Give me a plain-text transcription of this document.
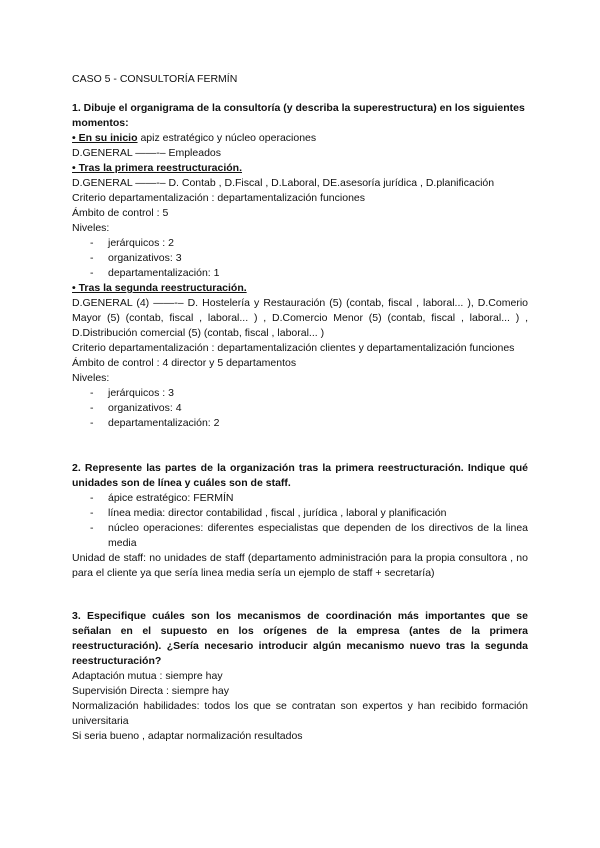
CASO 5 - CONSULTORÍA FERMÍN

1. Dibuje el organigrama de la consultoría (y describa la superestructura) en los siguientes
momentos:

• En su inicio apiz estratégico y núcleo operaciones

D.GENERAL ——-– Empleados

• Tras la primera reestructuración.

D.GENERAL ——-– D. Contab , D.Fiscal , D.Laboral, DE.asesoría jurídica , D.planificación

Criterio departamentalización : departamentalización funciones

Ámbito de control : 5

Niveles:

- jerárquicos : 2
- organizativos: 3
- departamentalización: 1

• Tras la segunda reestructuración.

D.GENERAL (4) ——-– D. Hostelería y Restauración (5) (contab, fiscal , laboral... ), D.Comerio Mayor (5) (contab, fiscal , laboral... ) , D.Comercio Menor (5) (contab, fiscal , laboral... ) , D.Distribución comercial (5) (contab, fiscal , laboral... )

Criterio departamentalización : departamentalización clientes y departamentalización funciones

Ámbito de control : 4 director y 5 departamentos

Niveles:

- jerárquicos : 3
- organizativos: 4
- departamentalización: 2

2. Represente las partes de la organización tras la primera reestructuración. Indique qué unidades son de línea y cuáles son de staff.

- ápice estratégico: FERMÍN
- línea media: director contabilidad , fiscal , jurídica , laboral y planificación
- núcleo operaciones: diferentes especialistas que dependen de los directivos de la linea media

Unidad de staff: no unidades de staff (departamento administración para la propia consultora , no para el cliente ya que sería linea media sería un ejemplo de staff + secretaría)

3. Especifique cuáles son los mecanismos de coordinación más importantes que se señalan en el supuesto en los orígenes de la empresa (antes de la primera reestructuración). ¿Sería necesario introducir algún mecanismo nuevo tras la segunda reestructuración?

Adaptación mutua : siempre hay

Supervisión Directa : siempre hay

Normalización habilidades: todos los que se contratan son expertos y han recibido formación universitaria

Si seria bueno , adaptar normalización resultados
